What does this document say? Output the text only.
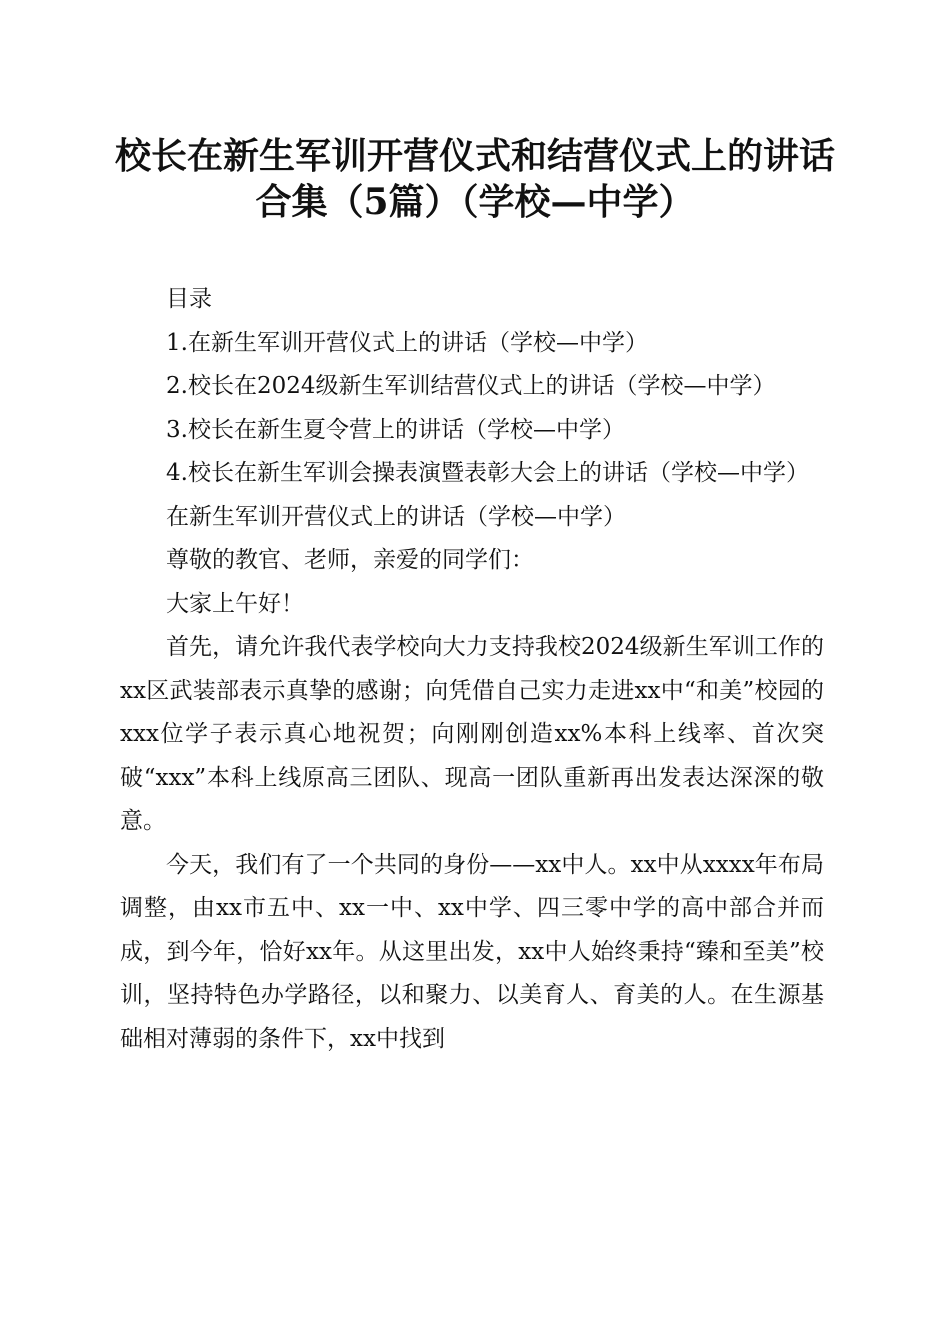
校长在新生军训开营仪式和结营仪式上的讲话
合集（5篇）（学校—中学）

目录

1.在新生军训开营仪式上的讲话（学校—中学）

2.校长在2024级新生军训结营仪式上的讲话（学校—中学）

3.校长在新生夏令营上的讲话（学校—中学）

4.校长在新生军训会操表演暨表彰大会上的讲话（学校—中学）

在新生军训开营仪式上的讲话（学校—中学）

尊敬的教官、老师，亲爱的同学们：

大家上午好！

首先，请允许我代表学校向大力支持我校2024级新生军训工作的xx区武装部表示真挚的感谢；向凭借自己实力走进xx中“和美”校园的xxx位学子表示真心地祝贺；向刚刚创造xx%本科上线率、首次突破“xxx”本科上线原高三团队、现高一团队重新再出发表达深深的敬意。

今天，我们有了一个共同的身份——xx中人。xx中从xxxx年布局调整，由xx市五中、xx一中、xx中学、四三零中学的高中部合并而成，到今年，恰好xx年。从这里出发，xx中人始终秉持“臻和至美”校训，坚持特色办学路径，以和聚力、以美育人、育美的人。在生源基础相对薄弱的条件下，xx中找到
